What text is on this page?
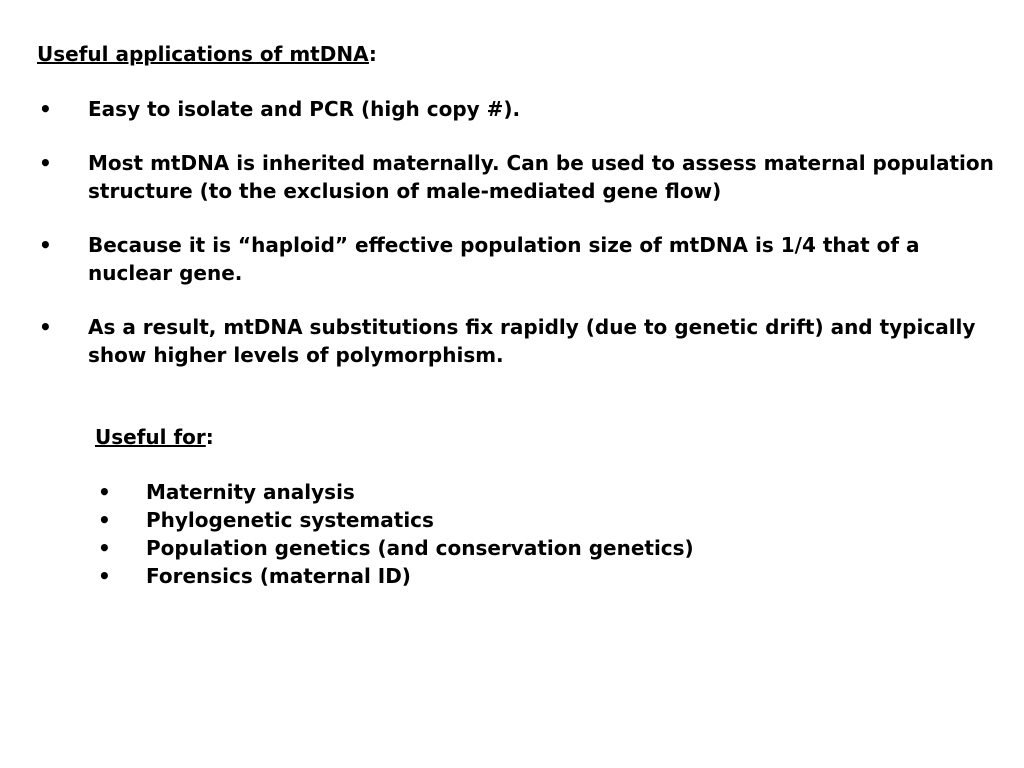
Useful applications of mtDNA:
• Easy to isolate and PCR (high copy #).
• Most mtDNA is inherited maternally. Can be used to assess maternal population structure (to the exclusion of male-mediated gene flow)
• Because it is “haploid” effective population size of mtDNA is 1/4 that of a nuclear gene.
• As a result, mtDNA substitutions fix rapidly (due to genetic drift) and typically show higher levels of polymorphism.
Useful for:
• Maternity analysis
• Phylogenetic systematics
• Population genetics (and conservation genetics)
• Forensics (maternal ID)
